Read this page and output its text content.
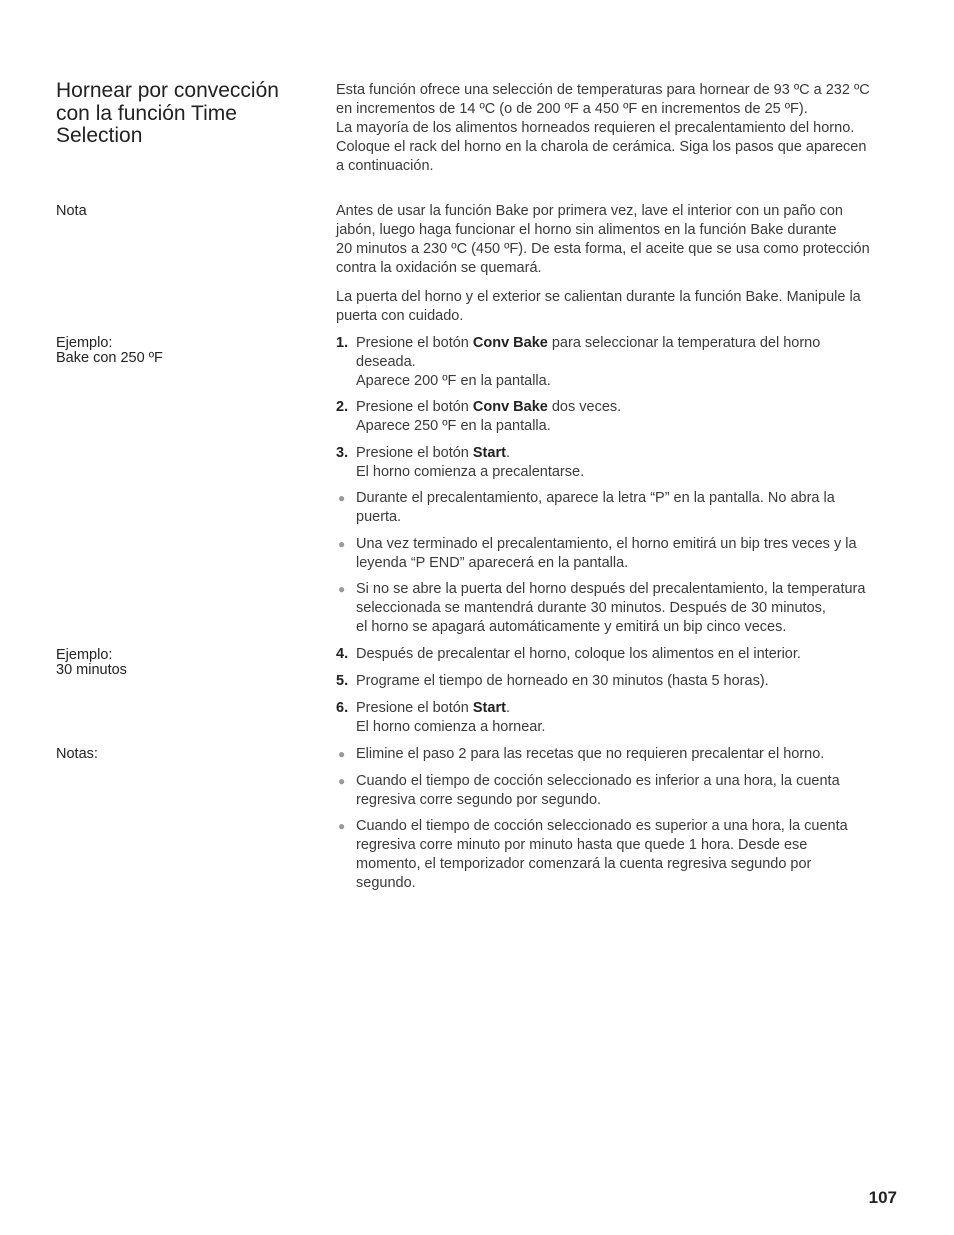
Hornear por convección
con la función Time
Selection
Esta función ofrece una selección de temperaturas para hornear de 93 ºC a 232 ºC
en incrementos de 14 ºC (o de 200 ºF a 450 ºF en incrementos de 25 ºF).
La mayoría de los alimentos horneados requieren el precalentamiento del horno.
Coloque el rack del horno en la charola de cerámica. Siga los pasos que aparecen
a continuación.
Nota
Ejemplo:
Bake con 250 ºF
Ejemplo:
30 minutos
Notas:
Antes de usar la función Bake por primera vez, lave el interior con un paño con
jabón, luego haga funcionar el horno sin alimentos en la función Bake durante
20 minutos a 230 ºC (450 ºF). De esta forma, el aceite que se usa como protección
contra la oxidación se quemará.
La puerta del horno y el exterior se calientan durante la función Bake. Manipule la
puerta con cuidado.
1. Presione el botón Conv Bake para seleccionar la temperatura del horno
deseada.
Aparece 200 ºF en la pantalla.
2. Presione el botón Conv Bake dos veces.
Aparece 250 ºF en la pantalla.
3. Presione el botón Start.
El horno comienza a precalentarse.
● Durante el precalentamiento, aparece la letra “P” en la pantalla. No abra la
puerta.
● Una vez terminado el precalentamiento, el horno emitirá un bip tres veces y la
leyenda “P END” aparecerá en la pantalla.
● Si no se abre la puerta del horno después del precalentamiento, la temperatura
seleccionada se mantendrá durante 30 minutos. Después de 30 minutos,
el horno se apagará automáticamente y emitirá un bip cinco veces.
4. Después de precalentar el horno, coloque los alimentos en el interior.
5. Programe el tiempo de horneado en 30 minutos (hasta 5 horas).
6. Presione el botón Start.
El horno comienza a hornear.
● Elimine el paso 2 para las recetas que no requieren precalentar el horno.
● Cuando el tiempo de cocción seleccionado es inferior a una hora, la cuenta
regresiva corre segundo por segundo.
● Cuando el tiempo de cocción seleccionado es superior a una hora, la cuenta
regresiva corre minuto por minuto hasta que quede 1 hora. Desde ese
momento, el temporizador comenzará la cuenta regresiva segundo por
segundo.
107
